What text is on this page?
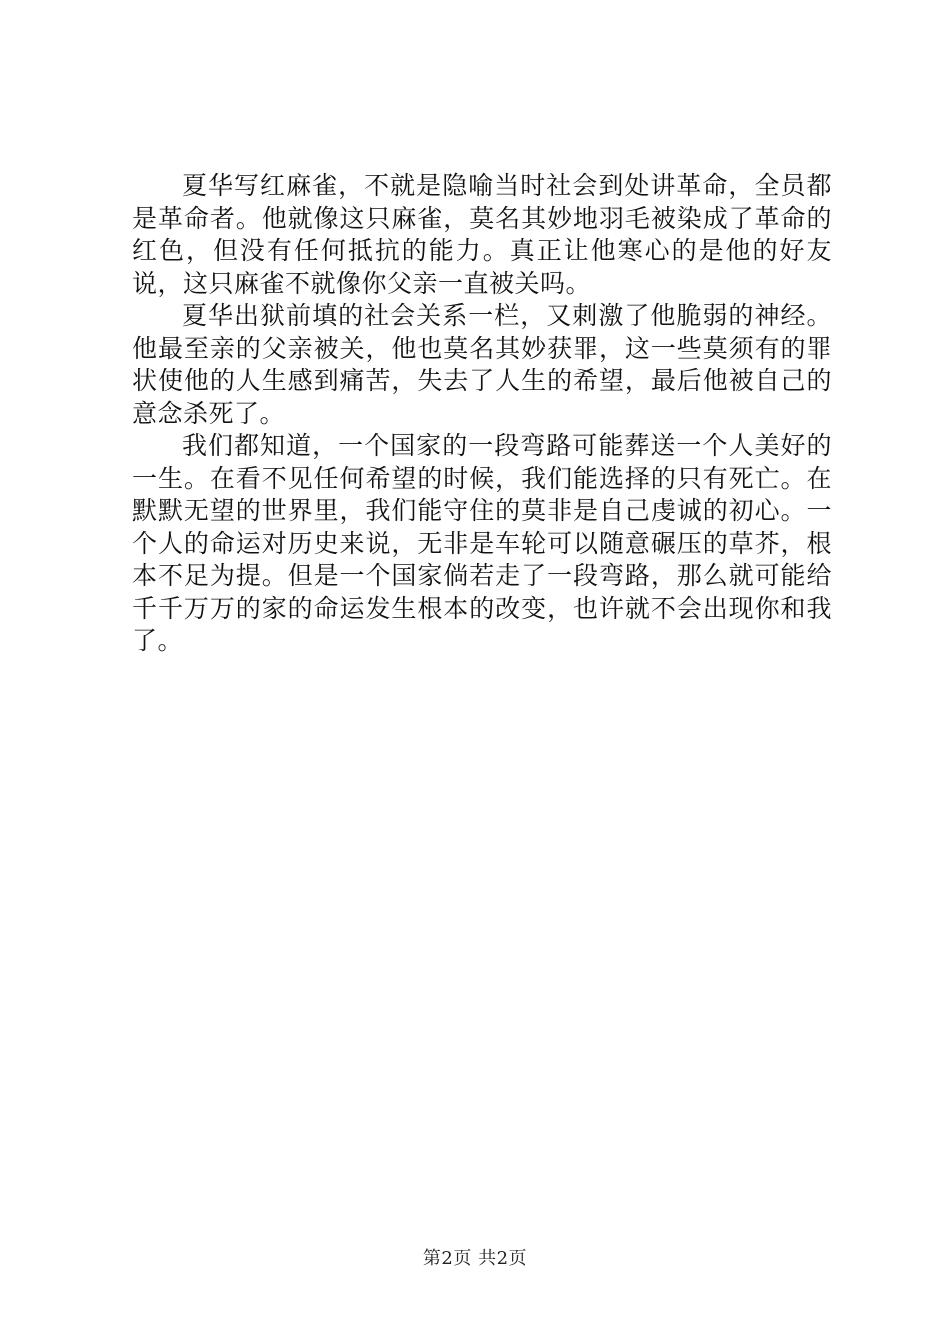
夏华写红麻雀，不就是隐喻当时社会到处讲革命，全员都是革命者。他就像这只麻雀，莫名其妙地羽毛被染成了革命的红色，但没有任何抵抗的能力。真正让他寒心的是他的好友说，这只麻雀不就像你父亲一直被关吗。

夏华出狱前填的社会关系一栏，又刺激了他脆弱的神经。他最至亲的父亲被关，他也莫名其妙获罪，这一些莫须有的罪状使他的人生感到痛苦，失去了人生的希望，最后他被自己的意念杀死了。

我们都知道，一个国家的一段弯路可能葬送一个人美好的一生。在看不见任何希望的时候，我们能选择的只有死亡。在默默无望的世界里，我们能守住的莫非是自己虔诚的初心。一个人的命运对历史来说，无非是车轮可以随意碾压的草芥，根本不足为提。但是一个国家倘若走了一段弯路，那么就可能给千千万万的家的命运发生根本的改变，也许就不会出现你和我了。

第2页 共2页
